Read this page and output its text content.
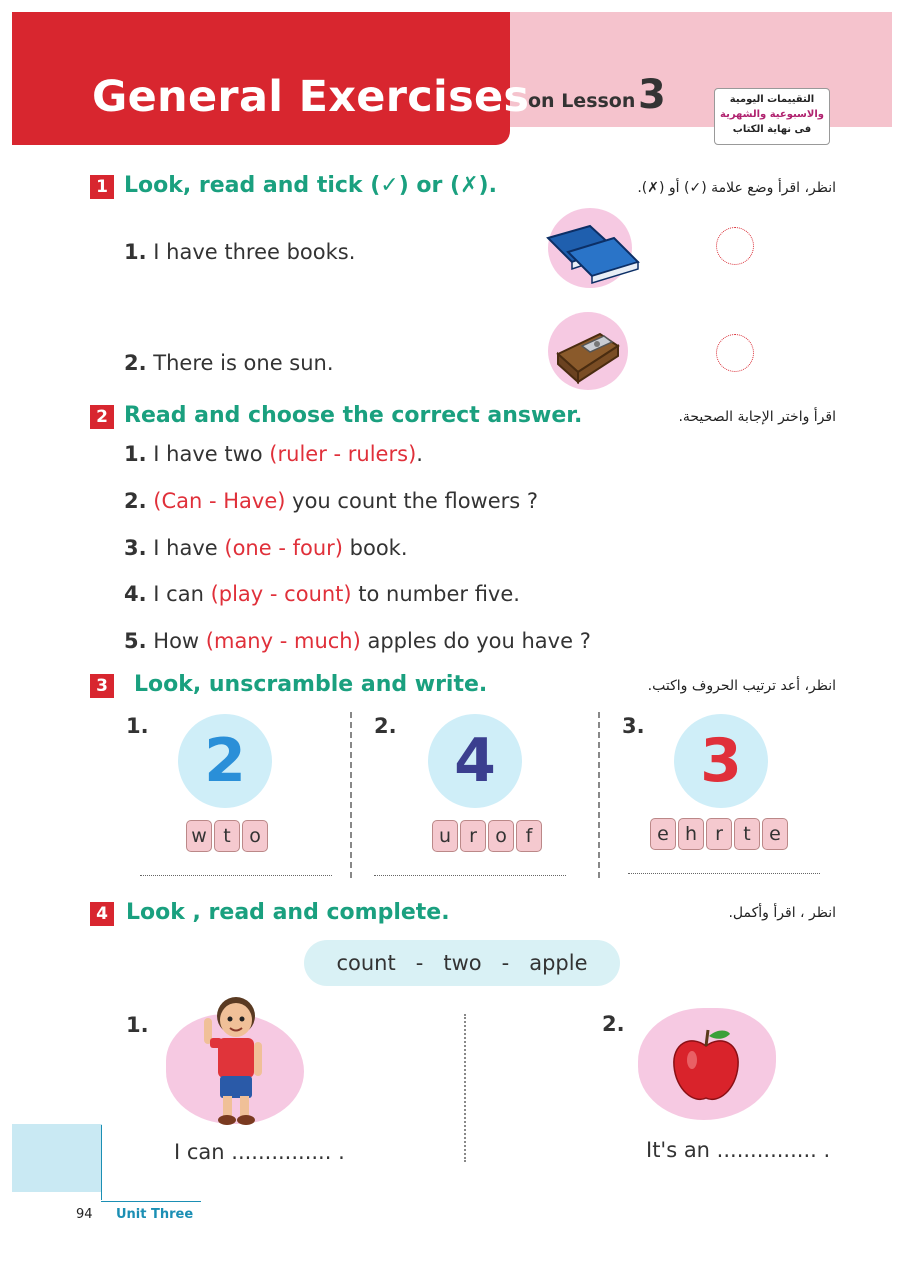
General Exercises
on Lesson 3	التقييمات اليومية

والاسبوعية والشهرية
فى نهاية الكتاب
1 Look, read and tick (✓) or (✗).	انظر، اقرأ وضع علامة (✓) أو (✗).
1. I have three books.
2. There is one sun.
2 Read and choose the correct answer.	اقرأ واختر الإجابة الصحيحة.
1. I have two (ruler - rulers).
2. (Can - Have) you count the flowers ?
3. I have (one - four) book.
4. I can (play - count) to number five.
5. How (many - much) apples do you have ?
3 Look, unscramble and write.	انظر، أعد ترتيب الحروف واكتب.
1. 2
w t o
2. 4
u r o f
3. 3
e h r t e
4 Look , read and complete.	انظر ، اقرأ وأكمل.
count   -   two   -   apple
1.
I can ............... .
2.
It's an ............... .
94 Unit Three
